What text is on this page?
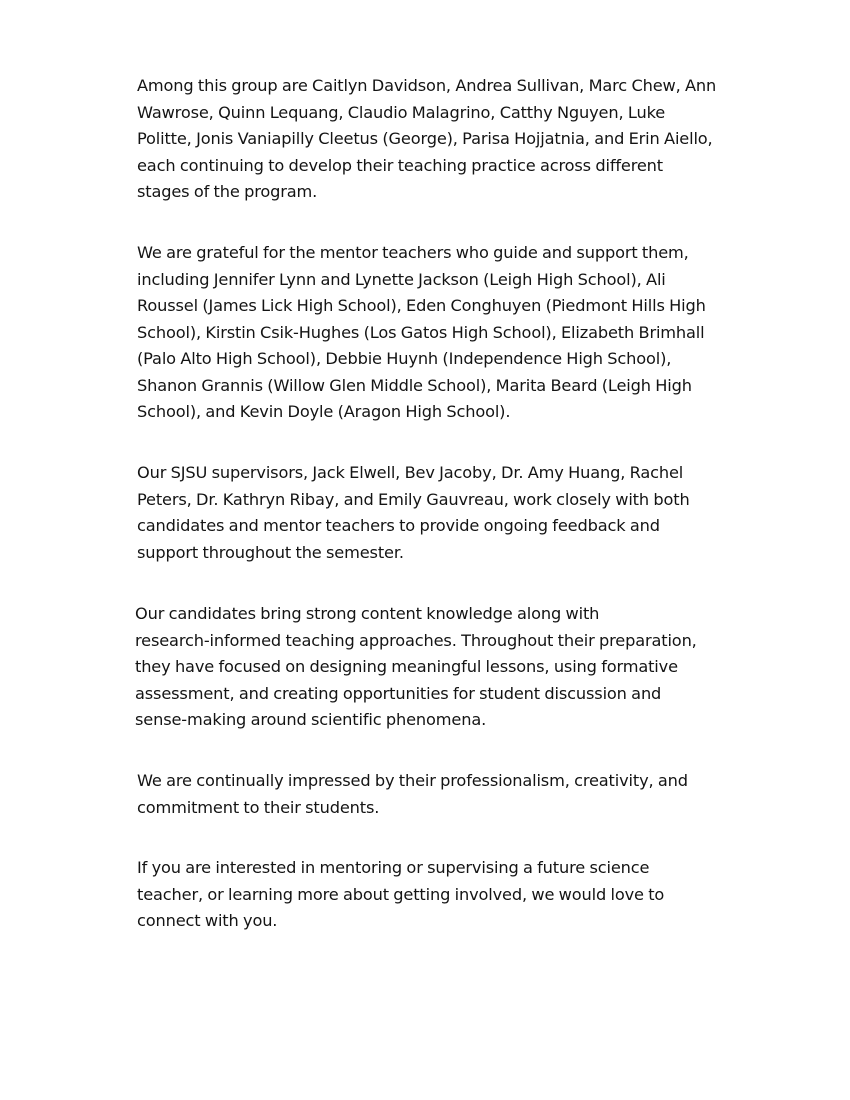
Among this group are Caitlyn Davidson, Andrea Sullivan, Marc Chew, Ann
Wawrose, Quinn Lequang, Claudio Malagrino, Catthy Nguyen, Luke
Politte, Jonis Vaniapilly Cleetus (George), Parisa Hojjatnia, and Erin Aiello,
each continuing to develop their teaching practice across different
stages of the program.

We are grateful for the mentor teachers who guide and support them,
including Jennifer Lynn and Lynette Jackson (Leigh High School), Ali
Roussel (James Lick High School), Eden Conghuyen (Piedmont Hills High
School), Kirstin Csik-Hughes (Los Gatos High School), Elizabeth Brimhall
(Palo Alto High School), Debbie Huynh (Independence High School),
Shanon Grannis (Willow Glen Middle School), Marita Beard (Leigh High
School), and Kevin Doyle (Aragon High School).

Our SJSU supervisors, Jack Elwell, Bev Jacoby, Dr. Amy Huang, Rachel
Peters, Dr. Kathryn Ribay, and Emily Gauvreau, work closely with both
candidates and mentor teachers to provide ongoing feedback and
support throughout the semester.

Our candidates bring strong content knowledge along with
research-informed teaching approaches. Throughout their preparation,
they have focused on designing meaningful lessons, using formative
assessment, and creating opportunities for student discussion and
sense-making around scientific phenomena.

We are continually impressed by their professionalism, creativity, and
commitment to their students.

If you are interested in mentoring or supervising a future science
teacher, or learning more about getting involved, we would love to
connect with you.
